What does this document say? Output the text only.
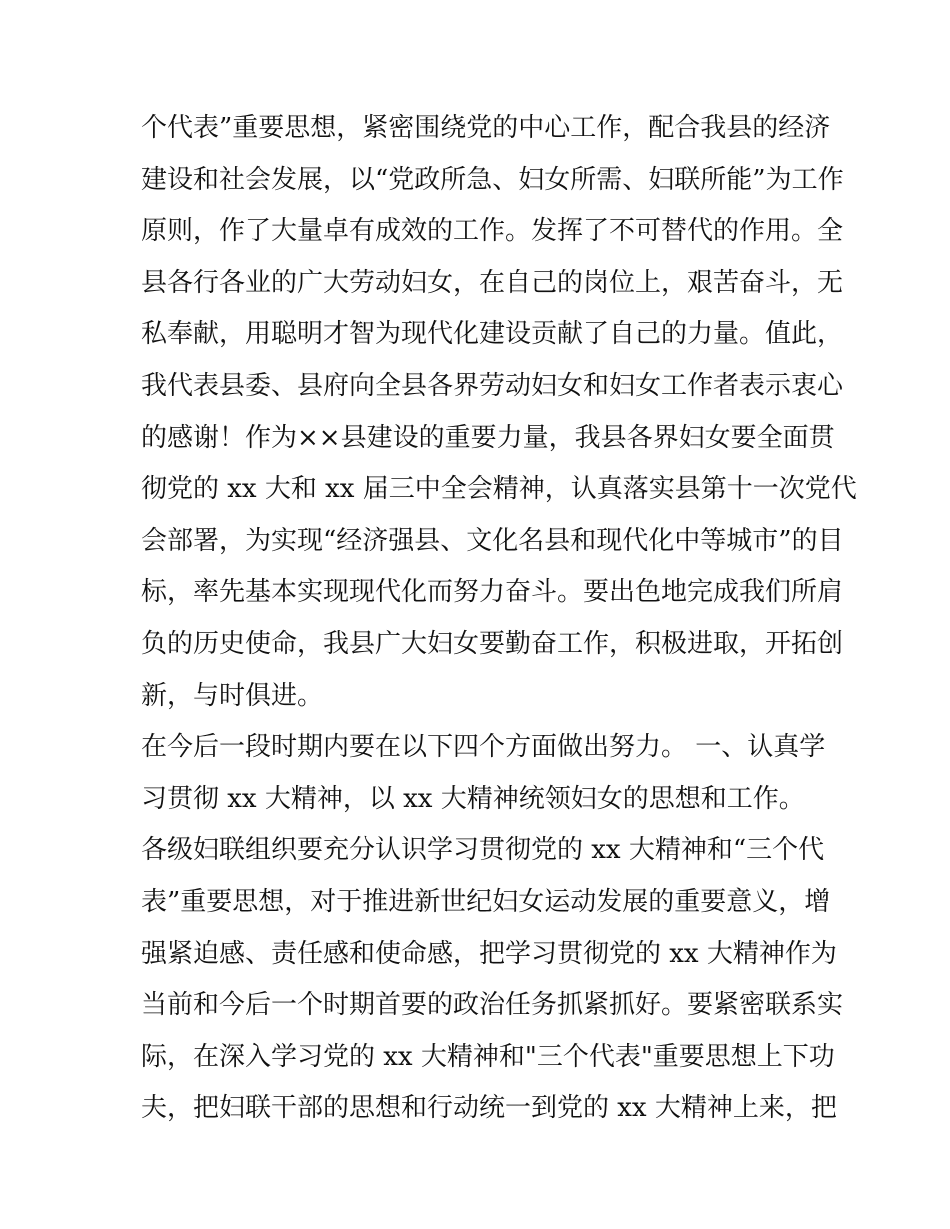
个代表”重要思想，紧密围绕党的中心工作，配合我县的经济
建设和社会发展，以“党政所急、妇女所需、妇联所能”为工作
原则，作了大量卓有成效的工作。发挥了不可替代的作用。全
县各行各业的广大劳动妇女，在自己的岗位上，艰苦奋斗，无
私奉献，用聪明才智为现代化建设贡献了自己的力量。值此，
我代表县委、县府向全县各界劳动妇女和妇女工作者表示衷心
的感谢！作为××县建设的重要力量，我县各界妇女要全面贯
彻党的 xx 大和 xx 届三中全会精神，认真落实县第十一次党代
会部署，为实现“经济强县、文化名县和现代化中等城市”的目
标，率先基本实现现代化而努力奋斗。要出色地完成我们所肩
负的历史使命，我县广大妇女要勤奋工作，积极进取，开拓创
新，与时俱进。
在今后一段时期内要在以下四个方面做出努力。 一、认真学
习贯彻 xx 大精神，以 xx 大精神统领妇女的思想和工作。
各级妇联组织要充分认识学习贯彻党的 xx 大精神和“三个代
表”重要思想，对于推进新世纪妇女运动发展的重要意义，增
强紧迫感、责任感和使命感，把学习贯彻党的 xx 大精神作为
当前和今后一个时期首要的政治任务抓紧抓好。要紧密联系实
际，在深入学习党的 xx 大精神和"三个代表"重要思想上下功
夫，把妇联干部的思想和行动统一到党的 xx 大精神上来，把
